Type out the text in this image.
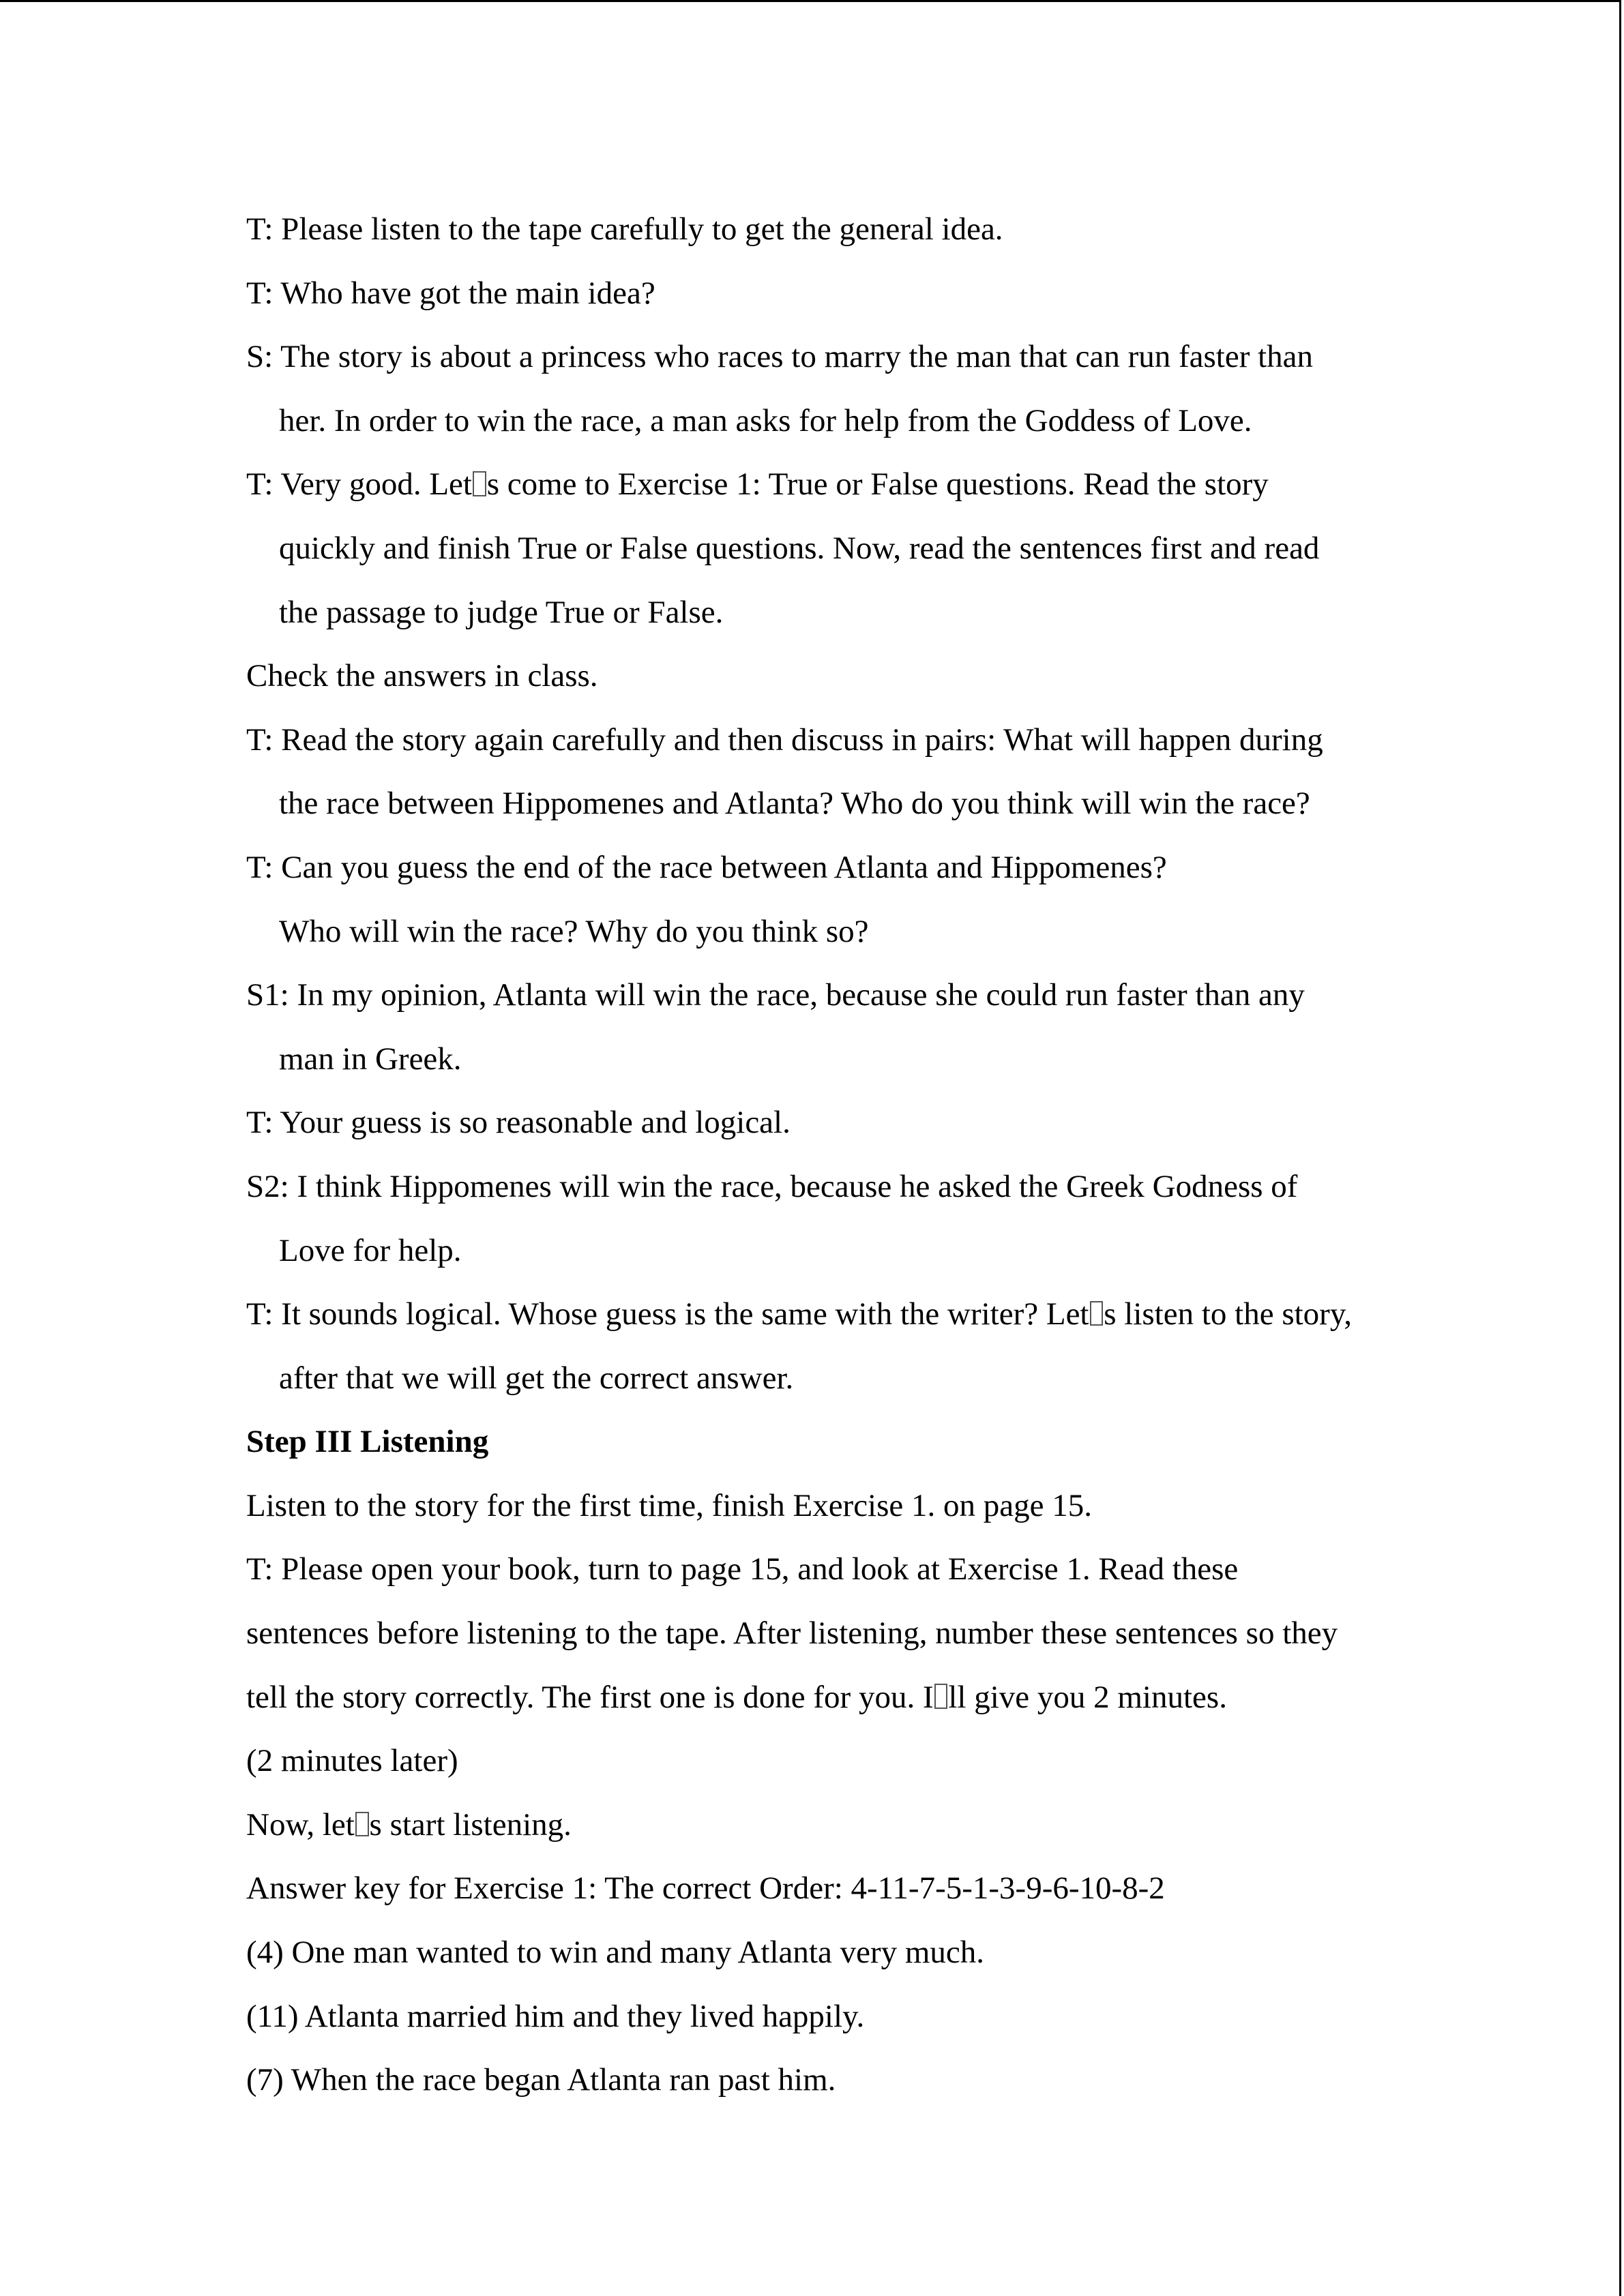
T: Please listen to the tape carefully to get the general idea.
T: Who have got the main idea?
S: The story is about a princess who races to marry the man that can run faster than
her. In order to win the race, a man asks for help from the Goddess of Love.
T: Very good. Let s come to Exercise 1: True or False questions. Read the story
quickly and finish True or False questions. Now, read the sentences first and read
the passage to judge True or False.
Check the answers in class.
T: Read the story again carefully and then discuss in pairs: What will happen during
the race between Hippomenes and Atlanta? Who do you think will win the race?
T: Can you guess the end of the race between Atlanta and Hippomenes?
Who will win the race? Why do you think so?
S1: In my opinion, Atlanta will win the race, because she could run faster than any
man in Greek.
T: Your guess is so reasonable and logical.
S2: I think Hippomenes will win the race, because he asked the Greek Godness of
Love for help.
T: It sounds logical. Whose guess is the same with the writer? Let s listen to the story,
after that we will get the correct answer.
Step III Listening
Listen to the story for the first time, finish Exercise 1. on page 15.
T: Please open your book, turn to page 15, and look at Exercise 1. Read these
sentences before listening to the tape. After listening, number these sentences so they
tell the story correctly. The first one is done for you. I ll give you 2 minutes.
(2 minutes later)
Now, let s start listening.
Answer key for Exercise 1: The correct Order: 4-11-7-5-1-3-9-6-10-8-2
(4) One man wanted to win and many Atlanta very much.
(11) Atlanta married him and they lived happily.
(7) When the race began Atlanta ran past him.
